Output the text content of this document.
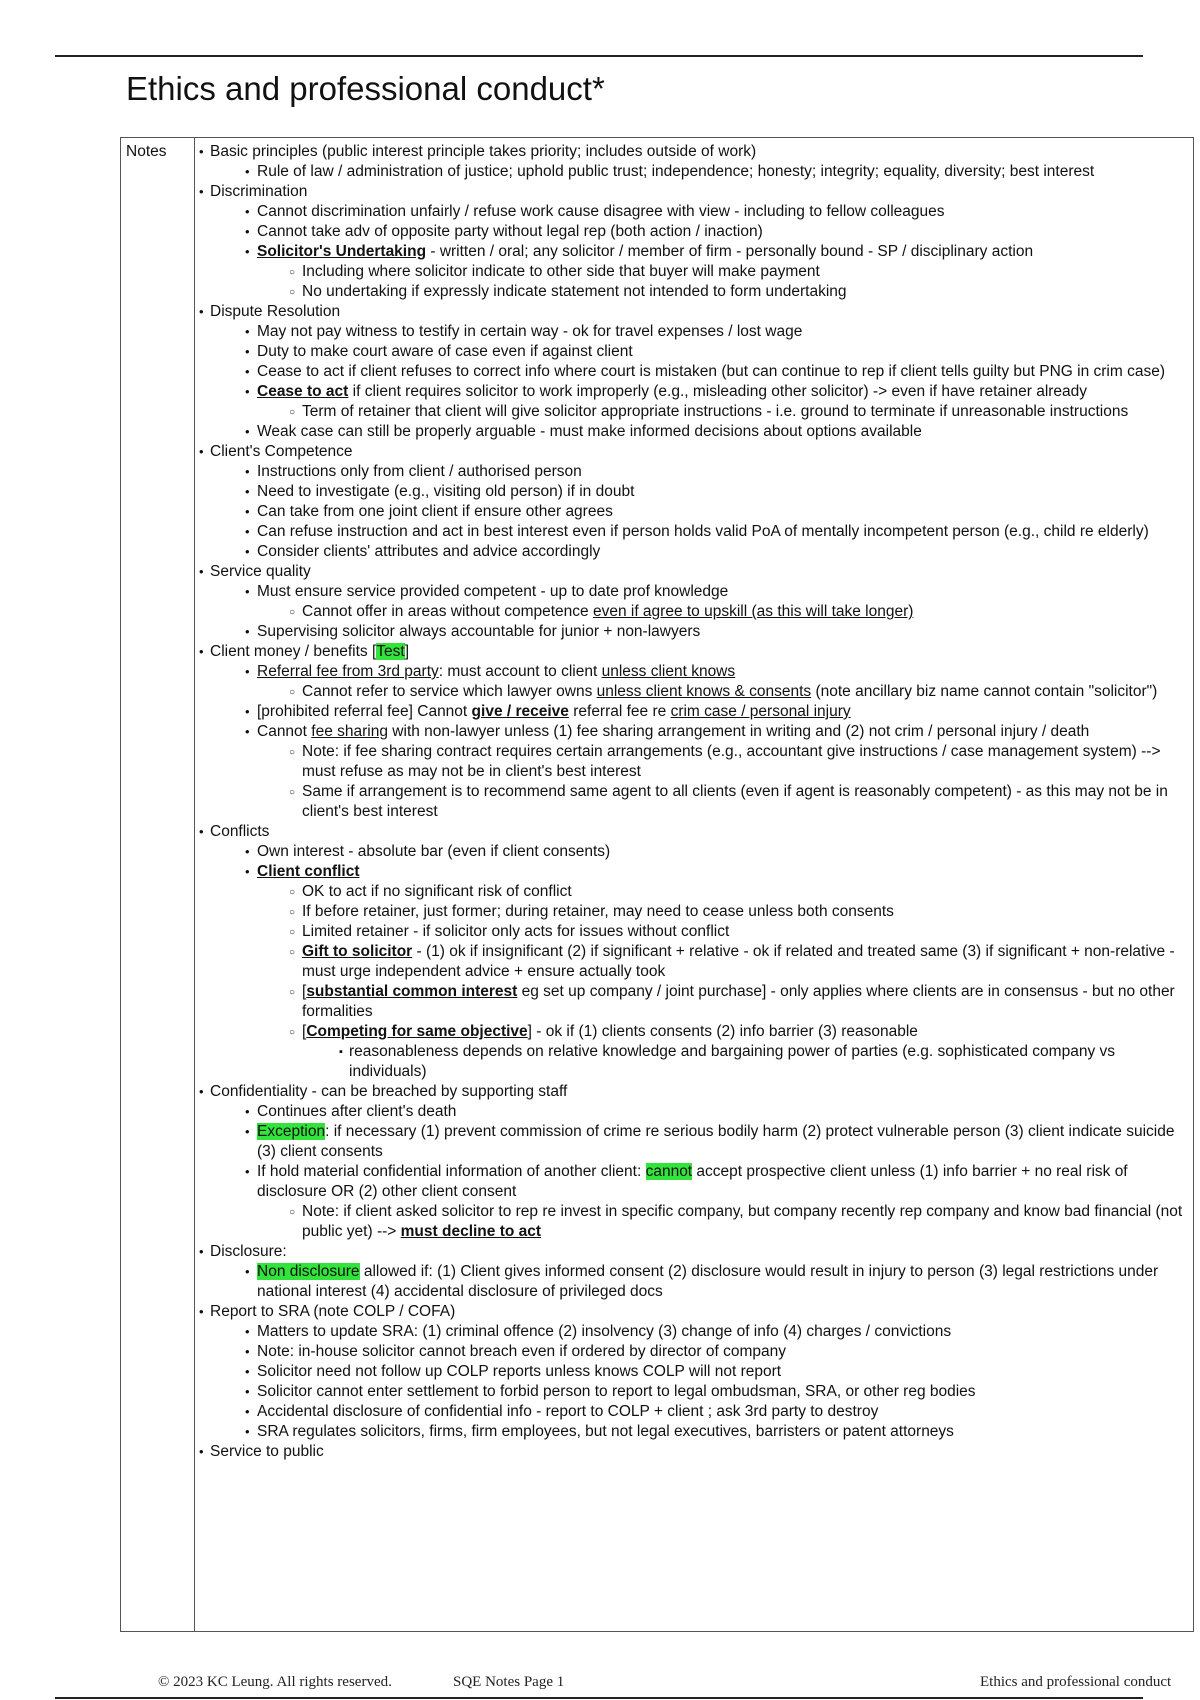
Ethics and professional conduct*
Notes
•	Basic principles (public interest principle takes priority; includes outside of work)
• Rule of law / administration of justice; uphold public trust; independence; honesty; integrity; equality, diversity; best interest
• Discrimination
• Cannot discrimination unfairly / refuse work cause disagree with view - including to fellow colleagues
• Cannot take adv of opposite party without legal rep (both action / inaction)
• Solicitor's Undertaking - written / oral; any solicitor / member of firm - personally bound - SP / disciplinary action
○ Including where solicitor indicate to other side that buyer will make payment
○ No undertaking if expressly indicate statement not intended to form undertaking
• Dispute Resolution
• May not pay witness to testify in certain way - ok for travel expenses / lost wage
• Duty to make court aware of case even if against client
• Cease to act if client refuses to correct info where court is mistaken (but can continue to rep if client tells guilty but PNG in crim case)
• Cease to act if client requires solicitor to work improperly (e.g., misleading other solicitor) -> even if have retainer already
○ Term of retainer that client will give solicitor appropriate instructions - i.e. ground to terminate if unreasonable instructions
• Weak case can still be properly arguable - must make informed decisions about options available
• Client's Competence
• Instructions only from client / authorised person
• Need to investigate (e.g., visiting old person) if in doubt
• Can take from one joint client if ensure other agrees
• Can refuse instruction and act in best interest even if person holds valid PoA of mentally incompetent person (e.g., child re elderly)
• Consider clients' attributes and advice accordingly
• Service quality
• Must ensure service provided competent - up to date prof knowledge
○ Cannot offer in areas without competence even if agree to upskill (as this will take longer)
• Supervising solicitor always accountable for junior + non-lawyers
• Client money / benefits [Test]
• Referral fee from 3rd party: must account to client unless client knows
○ Cannot refer to service which lawyer owns unless client knows & consents (note ancillary biz name cannot contain "solicitor")
• [prohibited referral fee] Cannot give / receive referral fee re crim case / personal injury
• Cannot fee sharing with non-lawyer unless (1) fee sharing arrangement in writing and (2) not crim / personal injury / death
○ Note: if fee sharing contract requires certain arrangements (e.g., accountant give instructions / case management system) --> must refuse as may not be in client's best interest
○ Same if arrangement is to recommend same agent to all clients (even if agent is reasonably competent) - as this may not be in client's best interest
• Conflicts
• Own interest - absolute bar (even if client consents)
• Client conflict
○ OK to act if no significant risk of conflict
○ If before retainer, just former; during retainer, may need to cease unless both consents
○ Limited retainer - if solicitor only acts for issues without conflict
○ Gift to solicitor - (1) ok if insignificant (2) if significant + relative - ok if related and treated same (3) if significant + non-relative - must urge independent advice + ensure actually took
○ [substantial common interest eg set up company / joint purchase] - only applies where clients are in consensus - but no other formalities
○ [Competing for same objective] - ok if (1) clients consents (2) info barrier (3) reasonable
▪ reasonableness depends on relative knowledge and bargaining power of parties (e.g. sophisticated company vs individuals)
• Confidentiality - can be breached by supporting staff
• Continues after client's death
• Exception: if necessary (1) prevent commission of crime re serious bodily harm (2) protect vulnerable person (3) client indicate suicide (3) client consents
• If hold material confidential information of another client: cannot accept prospective client unless (1) info barrier + no real risk of disclosure OR (2) other client consent
○ Note: if client asked solicitor to rep re invest in specific company, but company recently rep company and know bad financial (not public yet) --> must decline to act
• Disclosure:
• Non disclosure allowed if: (1) Client gives informed consent (2) disclosure would result in injury to person (3) legal restrictions under national interest (4) accidental disclosure of privileged docs
• Report to SRA (note COLP / COFA)
• Matters to update SRA: (1) criminal offence (2) insolvency (3) change of info (4) charges / convictions
• Note: in-house solicitor cannot breach even if ordered by director of company
• Solicitor need not follow up COLP reports unless knows COLP will not report
• Solicitor cannot enter settlement to forbid person to report to legal ombudsman, SRA, or other reg bodies
• Accidental disclosure of confidential info - report to COLP + client ; ask 3rd party to destroy
• SRA regulates solicitors, firms, firm employees, but not legal executives, barristers or patent attorneys
• Service to public
© 2023 KC Leung. All rights reserved.	SQE Notes Page 1	Ethics and professional conduct
